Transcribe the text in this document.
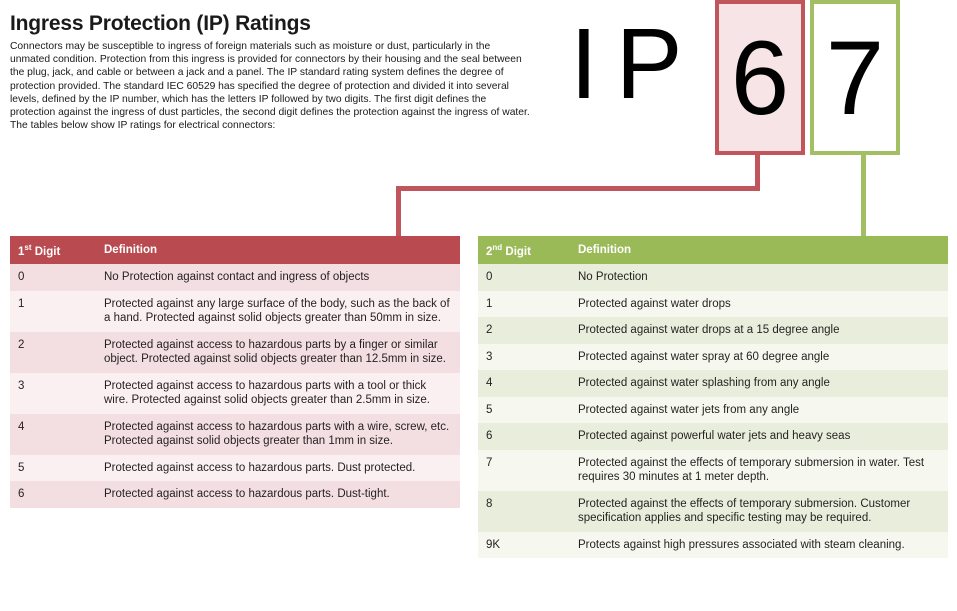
Ingress Protection (IP) Ratings

Connectors may be susceptible to ingress of foreign materials such as moisture or dust, particularly in the unmated condition. Protection from this ingress is provided for connectors by their housing and the seal between the plug, jack, and cable or between a jack and a panel. The IP standard rating system defines the degree of protection provided. The standard IEC 60529 has specified the degree of protection and divided it into several levels, defined by the IP number, which has the letters IP followed by two digits. The first digit defines the protection against the ingress of dust particles, the second digit defines the protection against the ingress of water. The tables below show IP ratings for electrical connectors:

IP 6 7
1st Digit	Definition
0	No Protection against contact and ingress of objects
1	Protected against any large surface of the body, such as the back of a hand. Protected against solid objects greater than 50mm in size.
2	Protected against access to hazardous parts by a finger or similar object. Protected against solid objects greater than 12.5mm in size.
3	Protected against access to hazardous parts with a tool or thick wire. Protected against solid objects greater than 2.5mm in size.
4	Protected against access to hazardous parts with a wire, screw, etc. Protected against solid objects greater than 1mm in size.
5	Protected against access to hazardous parts. Dust protected.
6	Protected against access to hazardous parts. Dust-tight.
2nd Digit	Definition
0	No Protection
1	Protected against water drops
2	Protected against water drops at a 15 degree angle
3	Protected against water spray at 60 degree angle
4	Protected against water splashing from any angle
5	Protected against water jets from any angle
6	Protected against powerful water jets and heavy seas
7	Protected against the effects of temporary submersion in water. Test requires 30 minutes at 1 meter depth.
8	Protected against the effects of temporary submersion. Customer specification applies and specific testing may be required.
9K	Protects against high pressures associated with steam cleaning.
